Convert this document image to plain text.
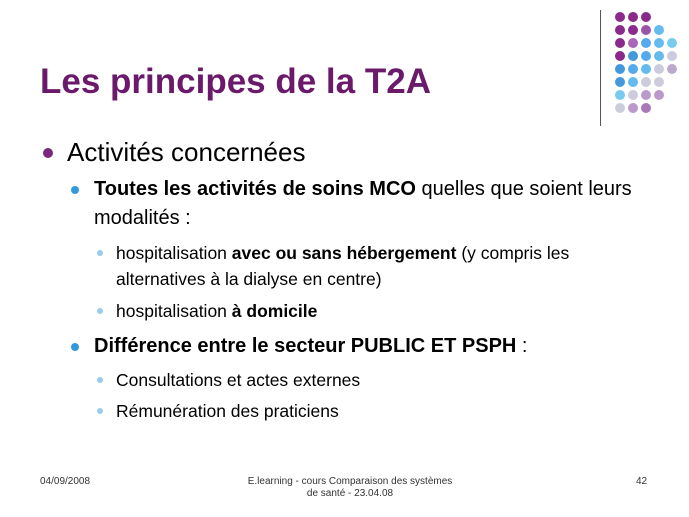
Les principes de la T2A
Activités concernées
Toutes les activités de soins MCO quelles que soient leurs modalités :
hospitalisation avec ou sans hébergement (y compris les alternatives à la dialyse en centre)
hospitalisation à domicile
Différence entre le secteur PUBLIC ET PSPH :
Consultations et actes externes
Rémunération des praticiens
04/09/2008	E.learning - cours Comparaison des systèmes
de santé - 23.04.08
42
